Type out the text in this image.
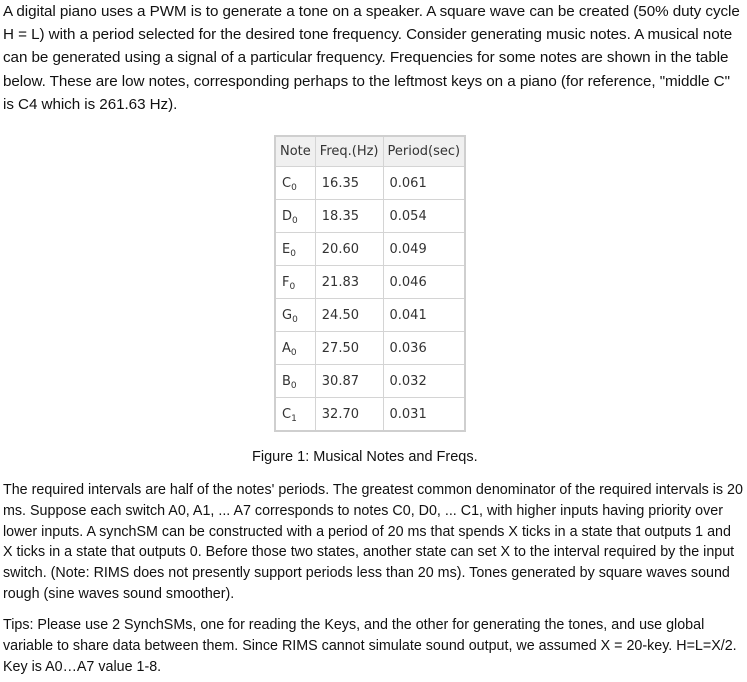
A digital piano uses a PWM is to generate a tone on a speaker. A square wave can be created (50% duty cycle H = L) with a period selected for the desired tone frequency. Consider generating music notes. A musical note can be generated using a signal of a particular frequency. Frequencies for some notes are shown in the table below. These are low notes, corresponding perhaps to the leftmost keys on a piano (for reference, "middle C" is C4 which is 261.63 Hz).

Note	Freq.(Hz)	Period(sec)
$C_0$	16.35	0.061
$D_0$	18.35	0.054
$E_0$	20.60	0.049
$F_0$	21.83	0.046
$G_0$	24.50	0.041
$A_0$	27.50	0.036
$B_0$	30.87	0.032
$C_1$	32.70	0.031

Figure 1: Musical Notes and Freqs.

The required intervals are half of the notes' periods. The greatest common denominator of the required intervals is 20 ms. Suppose each switch A0, A1, ... A7 corresponds to notes C0, D0, ... C1, with higher inputs having priority over lower inputs. A synchSM can be constructed with a period of 20 ms that spends X ticks in a state that outputs 1 and X ticks in a state that outputs 0. Before those two states, another state can set X to the interval required by the input switch. (Note: RIMS does not presently support periods less than 20 ms). Tones generated by square waves sound rough (sine waves sound smoother).

Tips: Please use 2 SynchSMs, one for reading the Keys, and the other for generating the tones, and use global variable to share data between them. Since RIMS cannot simulate sound output, we assumed X = 20-key. H=L=X/2. Key is A0…A7 value 1-8.
